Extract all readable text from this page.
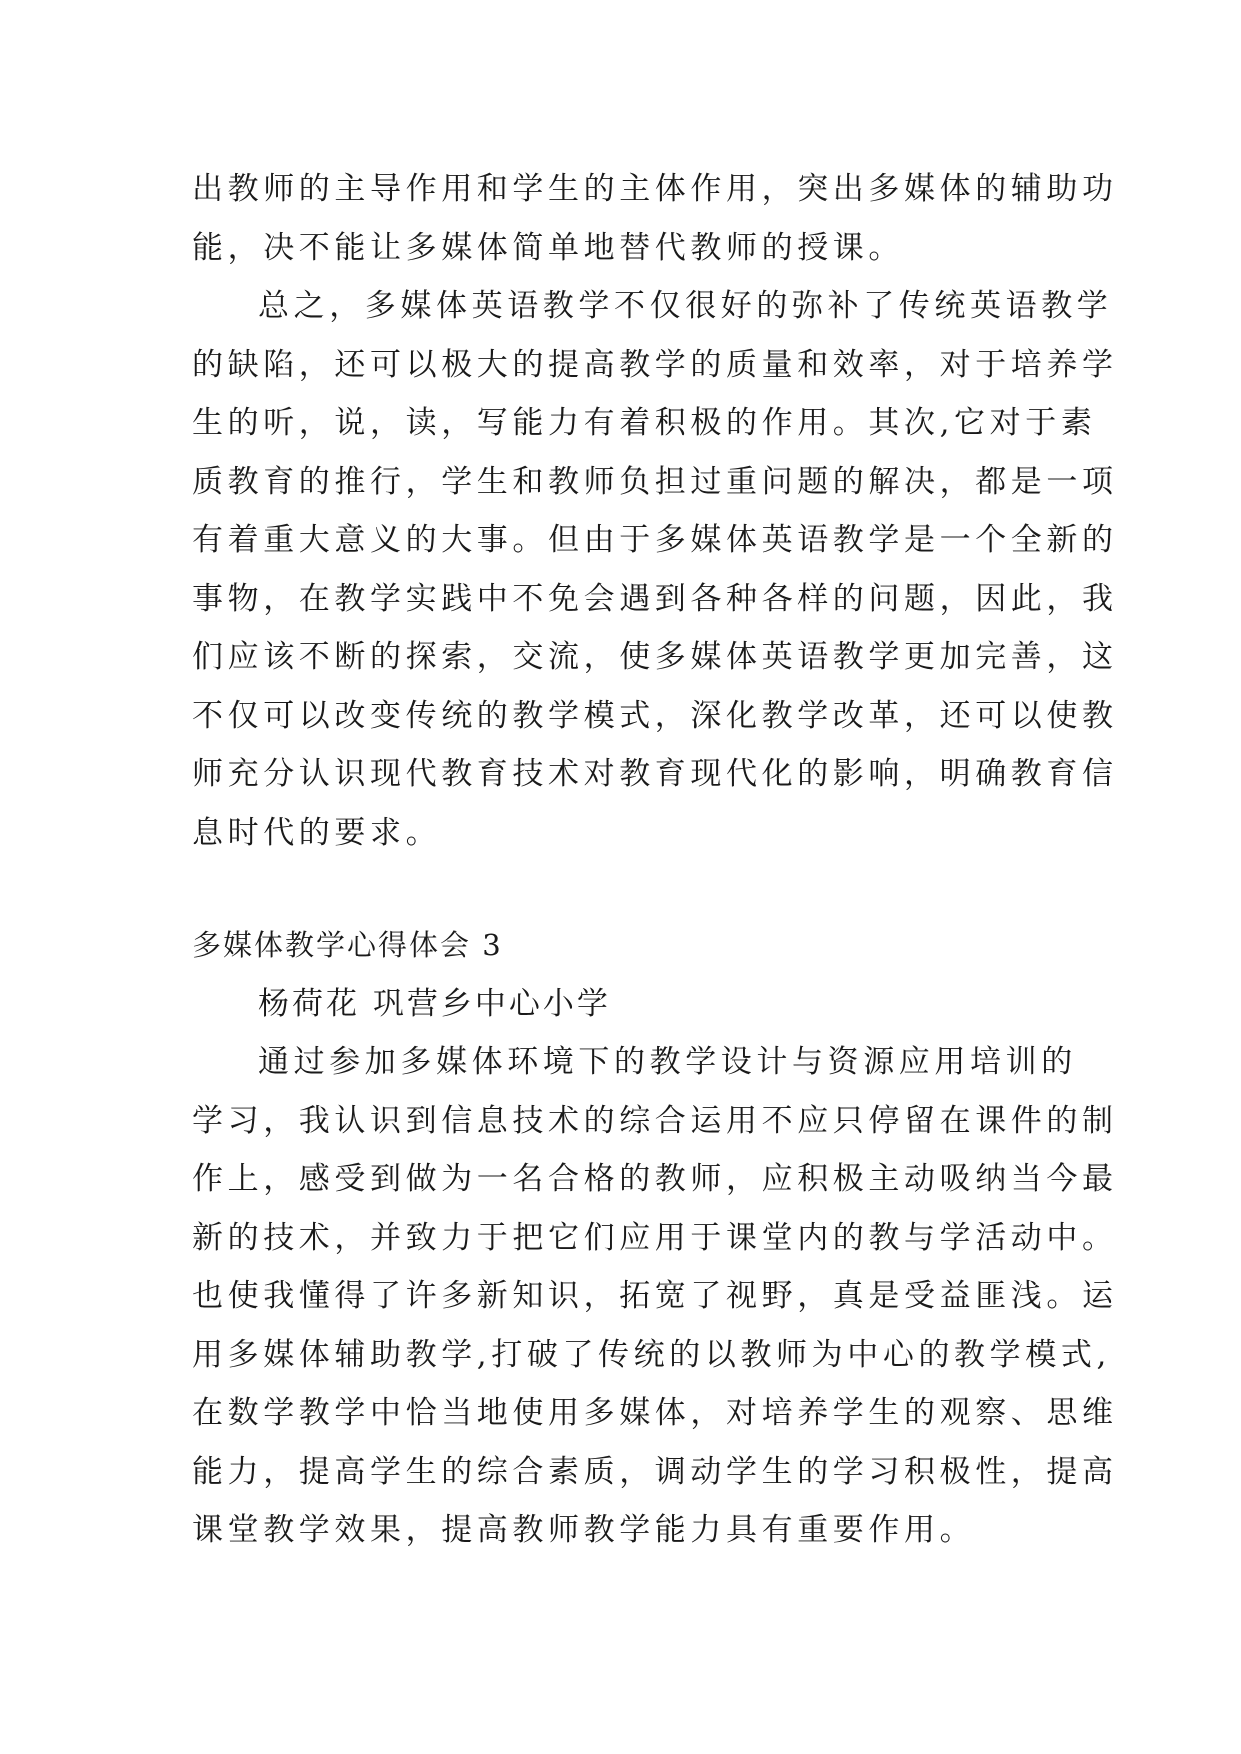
出教师的主导作用和学生的主体作用，突出多媒体的辅助功
能，决不能让多媒体简单地替代教师的授课。
总之，多媒体英语教学不仅很好的弥补了传统英语教学
的缺陷，还可以极大的提高教学的质量和效率，对于培养学
生的听，说，读，写能力有着积极的作用。其次,它对于素
质教育的推行，学生和教师负担过重问题的解决，都是一项
有着重大意义的大事。但由于多媒体英语教学是一个全新的
事物，在教学实践中不免会遇到各种各样的问题，因此，我
们应该不断的探索，交流，使多媒体英语教学更加完善，这
不仅可以改变传统的教学模式，深化教学改革，还可以使教
师充分认识现代教育技术对教育现代化的影响，明确教育信
息时代的要求。
多媒体教学心得体会 3
杨荷花 巩营乡中心小学
通过参加多媒体环境下的教学设计与资源应用培训的
学习，我认识到信息技术的综合运用不应只停留在课件的制
作上，感受到做为一名合格的教师，应积极主动吸纳当今最
新的技术，并致力于把它们应用于课堂内的教与学活动中。
也使我懂得了许多新知识，拓宽了视野，真是受益匪浅。运
用多媒体辅助教学,打破了传统的以教师为中心的教学模式,
在数学教学中恰当地使用多媒体，对培养学生的观察、思维
能力，提高学生的综合素质，调动学生的学习积极性，提高
课堂教学效果，提高教师教学能力具有重要作用。
